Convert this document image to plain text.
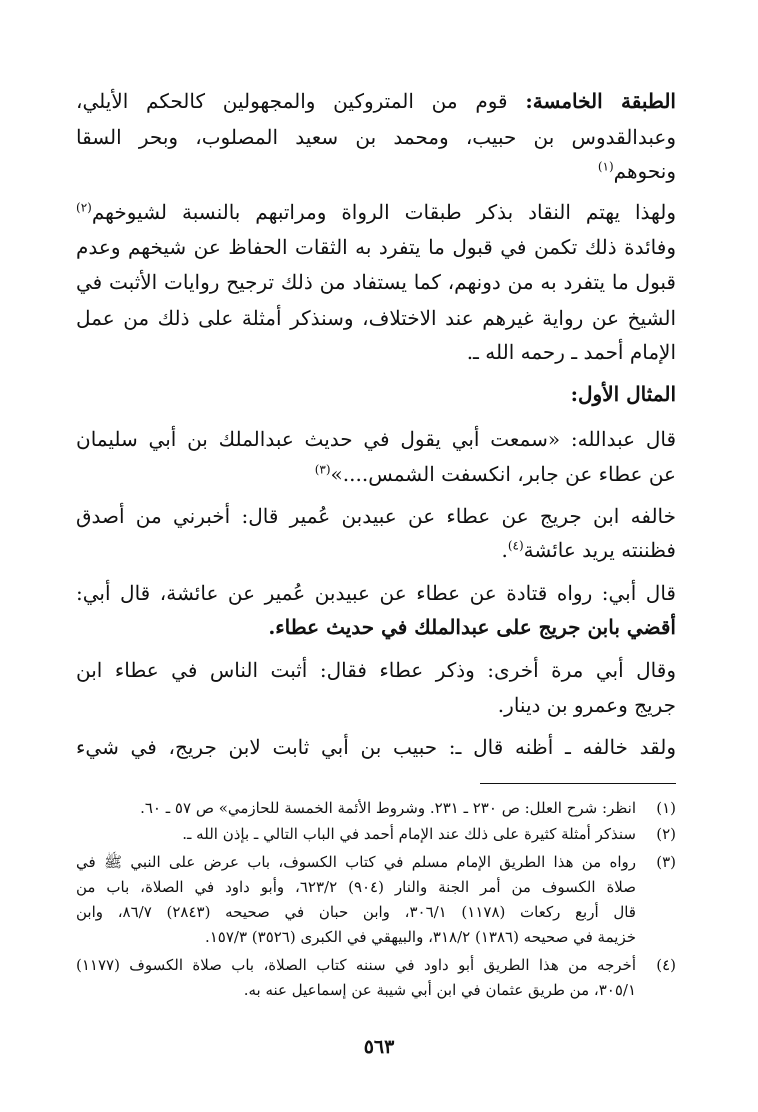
الطبقة الخامسة: قوم من المتروكين والمجهولين كالحكم الأيلي،
وعبدالقدوس بن حبيب، ومحمد بن سعيد المصلوب، وبحر السقا
ونحوهم$^{(١)}$
ولهذا يهتم النقاد بذكر طبقات الرواة ومراتبهم بالنسبة لشيوخهم$^{(٢)}$
وفائدة ذلك تكمن في قبول ما يتفرد به الثقات الحفاظ عن شيخهم وعدم
قبول ما يتفرد به من دونهم، كما يستفاد من ذلك ترجيح روايات الأثبت في
الشيخ عن رواية غيرهم عند الاختلاف، وسنذكر أمثلة على ذلك من عمل
الإمام أحمد ـ رحمه الله ـ.
المثال الأول:
قال عبدالله: «سمعت أبي يقول في حديث عبدالملك بن أبي سليمان
عن عطاء عن جابر، انكسفت الشمس....»$^{(٣)}$
خالفه ابن جريج عن عطاء عن عبيدبن عُمير قال: أخبرني من أصدق
فظننته يريد عائشة$^{(٤)}$.
قال أبي: رواه قتادة عن عطاء عن عبيدبن عُمير عن عائشة، قال أبي:
أقضي بابن جريج على عبدالملك في حديث عطاء.
وقال أبي مرة أخرى: وذكر عطاء فقال: أثبت الناس في عطاء ابن
جريج وعمرو بن دينار.
ولقد خالفه ـ أظنه قال ـ: حبيب بن أبي ثابت لابن جريج، في شيء
(١)
انظر: شرح العلل: ص ٢٣٠ ـ ٢٣١. وشروط الأئمة الخمسة للحازمي» ص ٥٧ ـ ٦٠.
(٢)
سنذكر أمثلة كثيرة على ذلك عند الإمام أحمد في الباب التالي ـ بإذن الله ـ.
(٣)
رواه من هذا الطريق الإمام مسلم في كتاب الكسوف، باب عرض على النبي ﷺ في
صلاة الكسوف من أمر الجنة والنار (٩٠٤) ٦٢٣/٢، وأبو داود في الصلاة، باب من
قال أربع ركعات (١١٧٨) ٣٠٦/١، وابن حبان في صحيحه (٢٨٤٣) ٨٦/٧، وابن
خزيمة في صحيحه (١٣٨٦) ٣١٨/٢، والبيهقي في الكبرى (٣٥٢٦) ١٥٧/٣.
(٤)
أخرجه من هذا الطريق أبو داود في سننه كتاب الصلاة، باب صلاة الكسوف (١١٧٧)
٣٠٥/١، من طريق عثمان في ابن أبي شيبة عن إسماعيل عنه به.
٥٦٣
